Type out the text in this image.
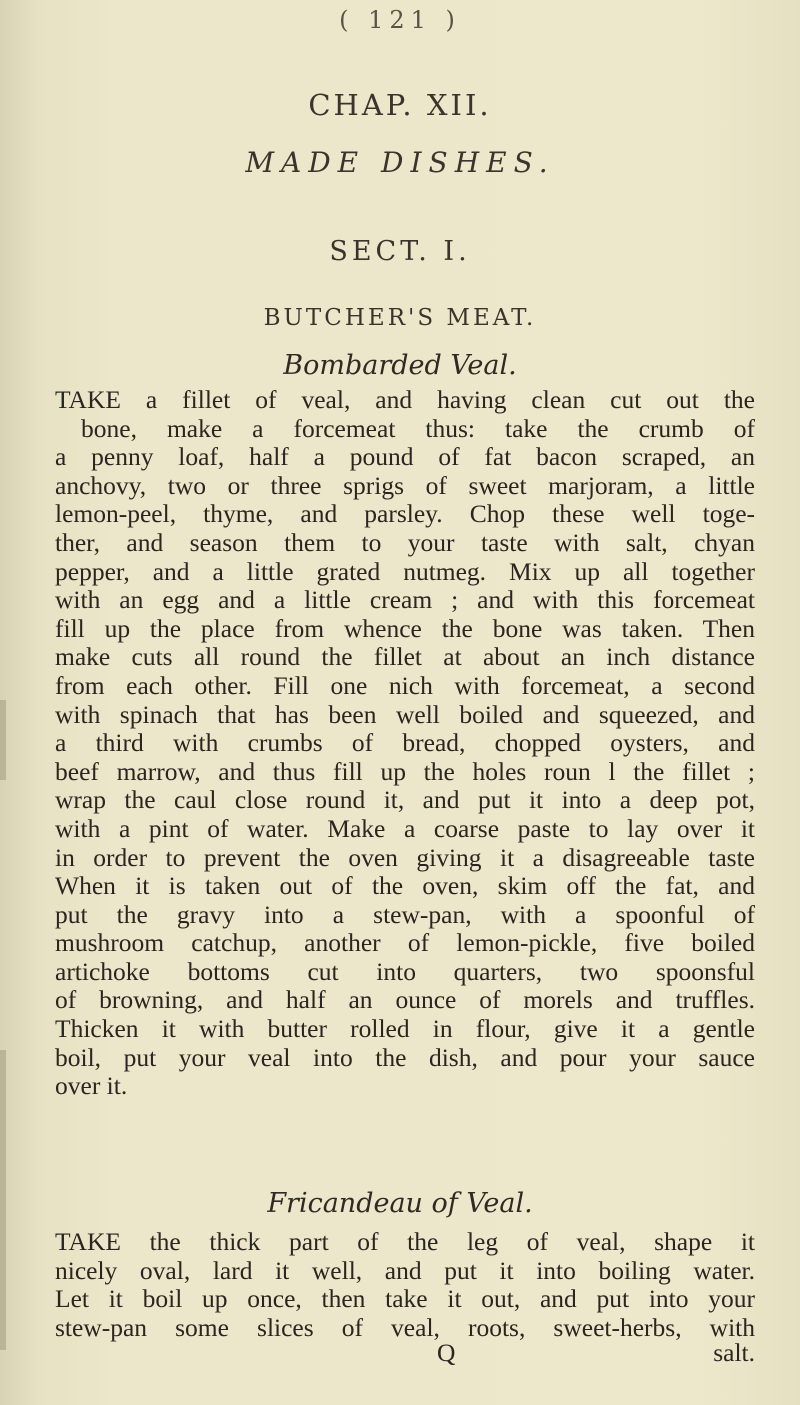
( 121 )
CHAP. XII.
MADE DISHES.
SECT. I.
BUTCHER'S MEAT.
Bombarded Veal.
TAKE a fillet of veal, and having clean cut out the
bone, make a forcemeat thus: take the crumb of
a penny loaf, half a pound of fat bacon scraped, an
anchovy, two or three sprigs of sweet marjoram, a little
lemon-peel, thyme, and parsley. Chop these well toge-
ther, and season them to your taste with salt, chyan
pepper, and a little grated nutmeg. Mix up all together
with an egg and a little cream ; and with this forcemeat
fill up the place from whence the bone was taken. Then
make cuts all round the fillet at about an inch distance
from each other. Fill one nich with forcemeat, a second
with spinach that has been well boiled and squeezed, and
a third with crumbs of bread, chopped oysters, and
beef marrow, and thus fill up the holes roun l the fillet ;
wrap the caul close round it, and put it into a deep pot,
with a pint of water. Make a coarse paste to lay over it
in order to prevent the oven giving it a disagreeable taste
When it is taken out of the oven, skim off the fat, and
put the gravy into a stew-pan, with a spoonful of
mushroom catchup, another of lemon-pickle, five boiled
artichoke bottoms cut into quarters, two spoonsful
of browning, and half an ounce of morels and truffles.
Thicken it with butter rolled in flour, give it a gentle
boil, put your veal into the dish, and pour your sauce
over it.
Fricandeau of Veal.
TAKE the thick part of the leg of veal, shape it
nicely oval, lard it well, and put it into boiling water.
Let it boil up once, then take it out, and put into your
stew-pan some slices of veal, roots, sweet-herbs, with
Q	salt.
